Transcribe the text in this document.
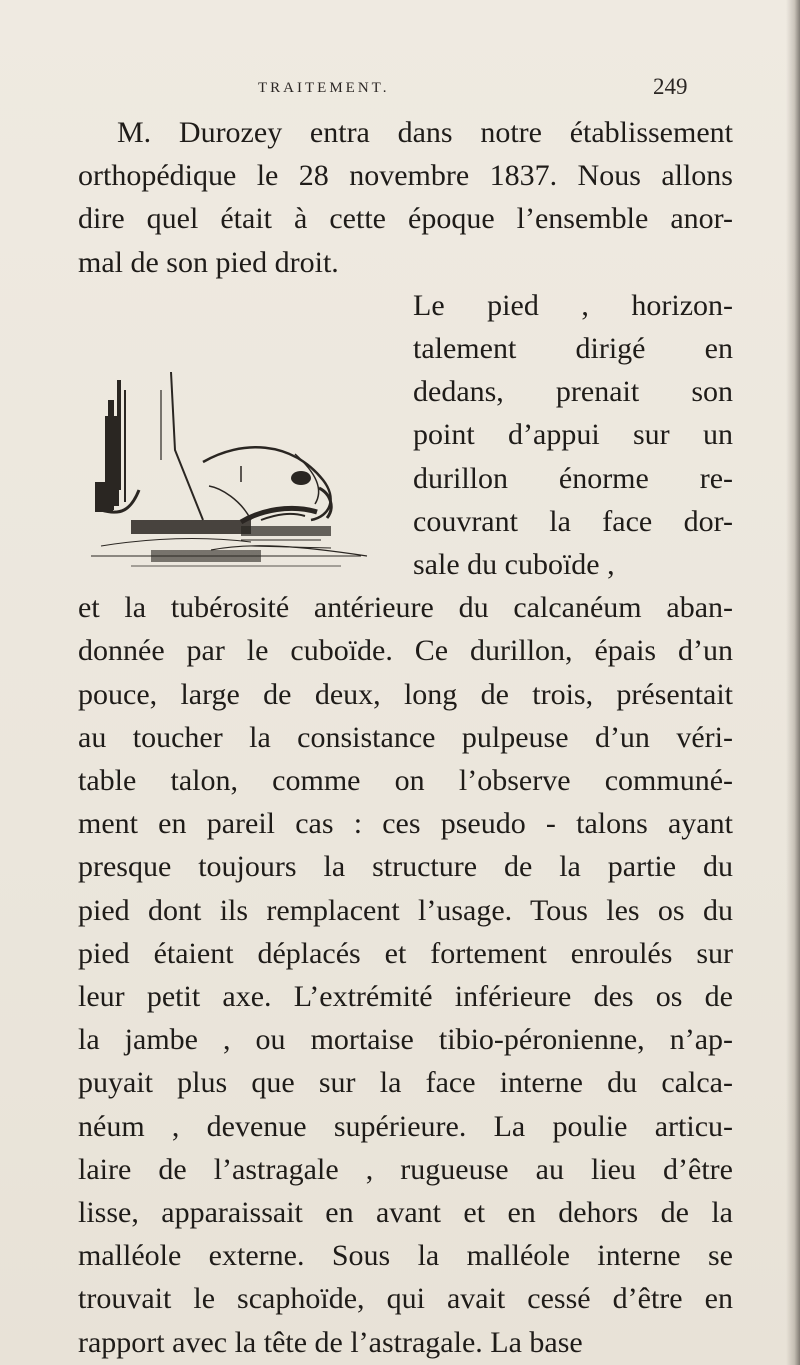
TRAITEMENT.	249
M. Durozey entra dans notre établissement
orthopédique le 28 novembre 1837. Nous allons
dire quel était à cette époque l’ensemble anor-
mal de son pied droit.
Le pied , horizon-
talement dirigé en
dedans, prenait son
point d’appui sur un
durillon énorme re-
couvrant la face dor-
sale du cuboïde ,
et la tubérosité antérieure du calcanéum aban-
donnée par le cuboïde. Ce durillon, épais d’un
pouce, large de deux, long de trois, présentait
au toucher la consistance pulpeuse d’un véri-
table talon, comme on l’observe communé-
ment en pareil cas : ces pseudo - talons ayant
presque toujours la structure de la partie du
pied dont ils remplacent l’usage. Tous les os du
pied étaient déplacés et fortement enroulés sur
leur petit axe. L’extrémité inférieure des os de
la jambe , ou mortaise tibio-péronienne, n’ap-
puyait plus que sur la face interne du calca-
néum , devenue supérieure. La poulie articu-
laire de l’astragale , rugueuse au lieu d’être
lisse, apparaissait en avant et en dehors de la
malléole externe. Sous la malléole interne se
trouvait le scaphoïde, qui avait cessé d’être en
rapport avec la tête de l’astragale. La base
